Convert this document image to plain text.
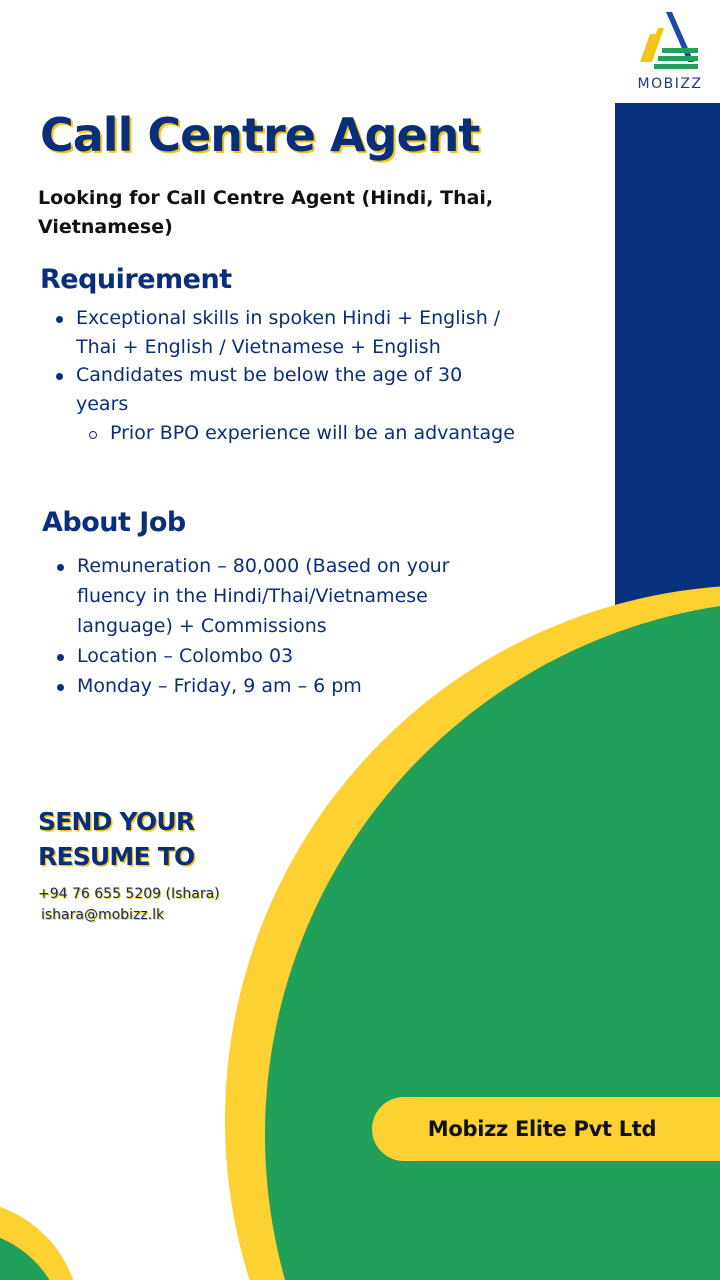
MOBIZZ
Call Centre Agent

Looking for Call Centre Agent (Hindi, Thai, Vietnamese)

Requirement
Exceptional skills in spoken Hindi + English / Thai + English / Vietnamese + English
Candidates must be below the age of 30 years
Prior BPO experience will be an advantage
About Job
Remuneration – 80,000 (Based on your fluency in the Hindi/Thai/Vietnamese language) + Commissions
Location – Colombo 03
Monday – Friday, 9 am – 6 pm
SEND YOUR
RESUME TO
+94 76 655 5209 (Ishara)
ishara@mobizz.lk
Mobizz Elite Pvt Ltd
